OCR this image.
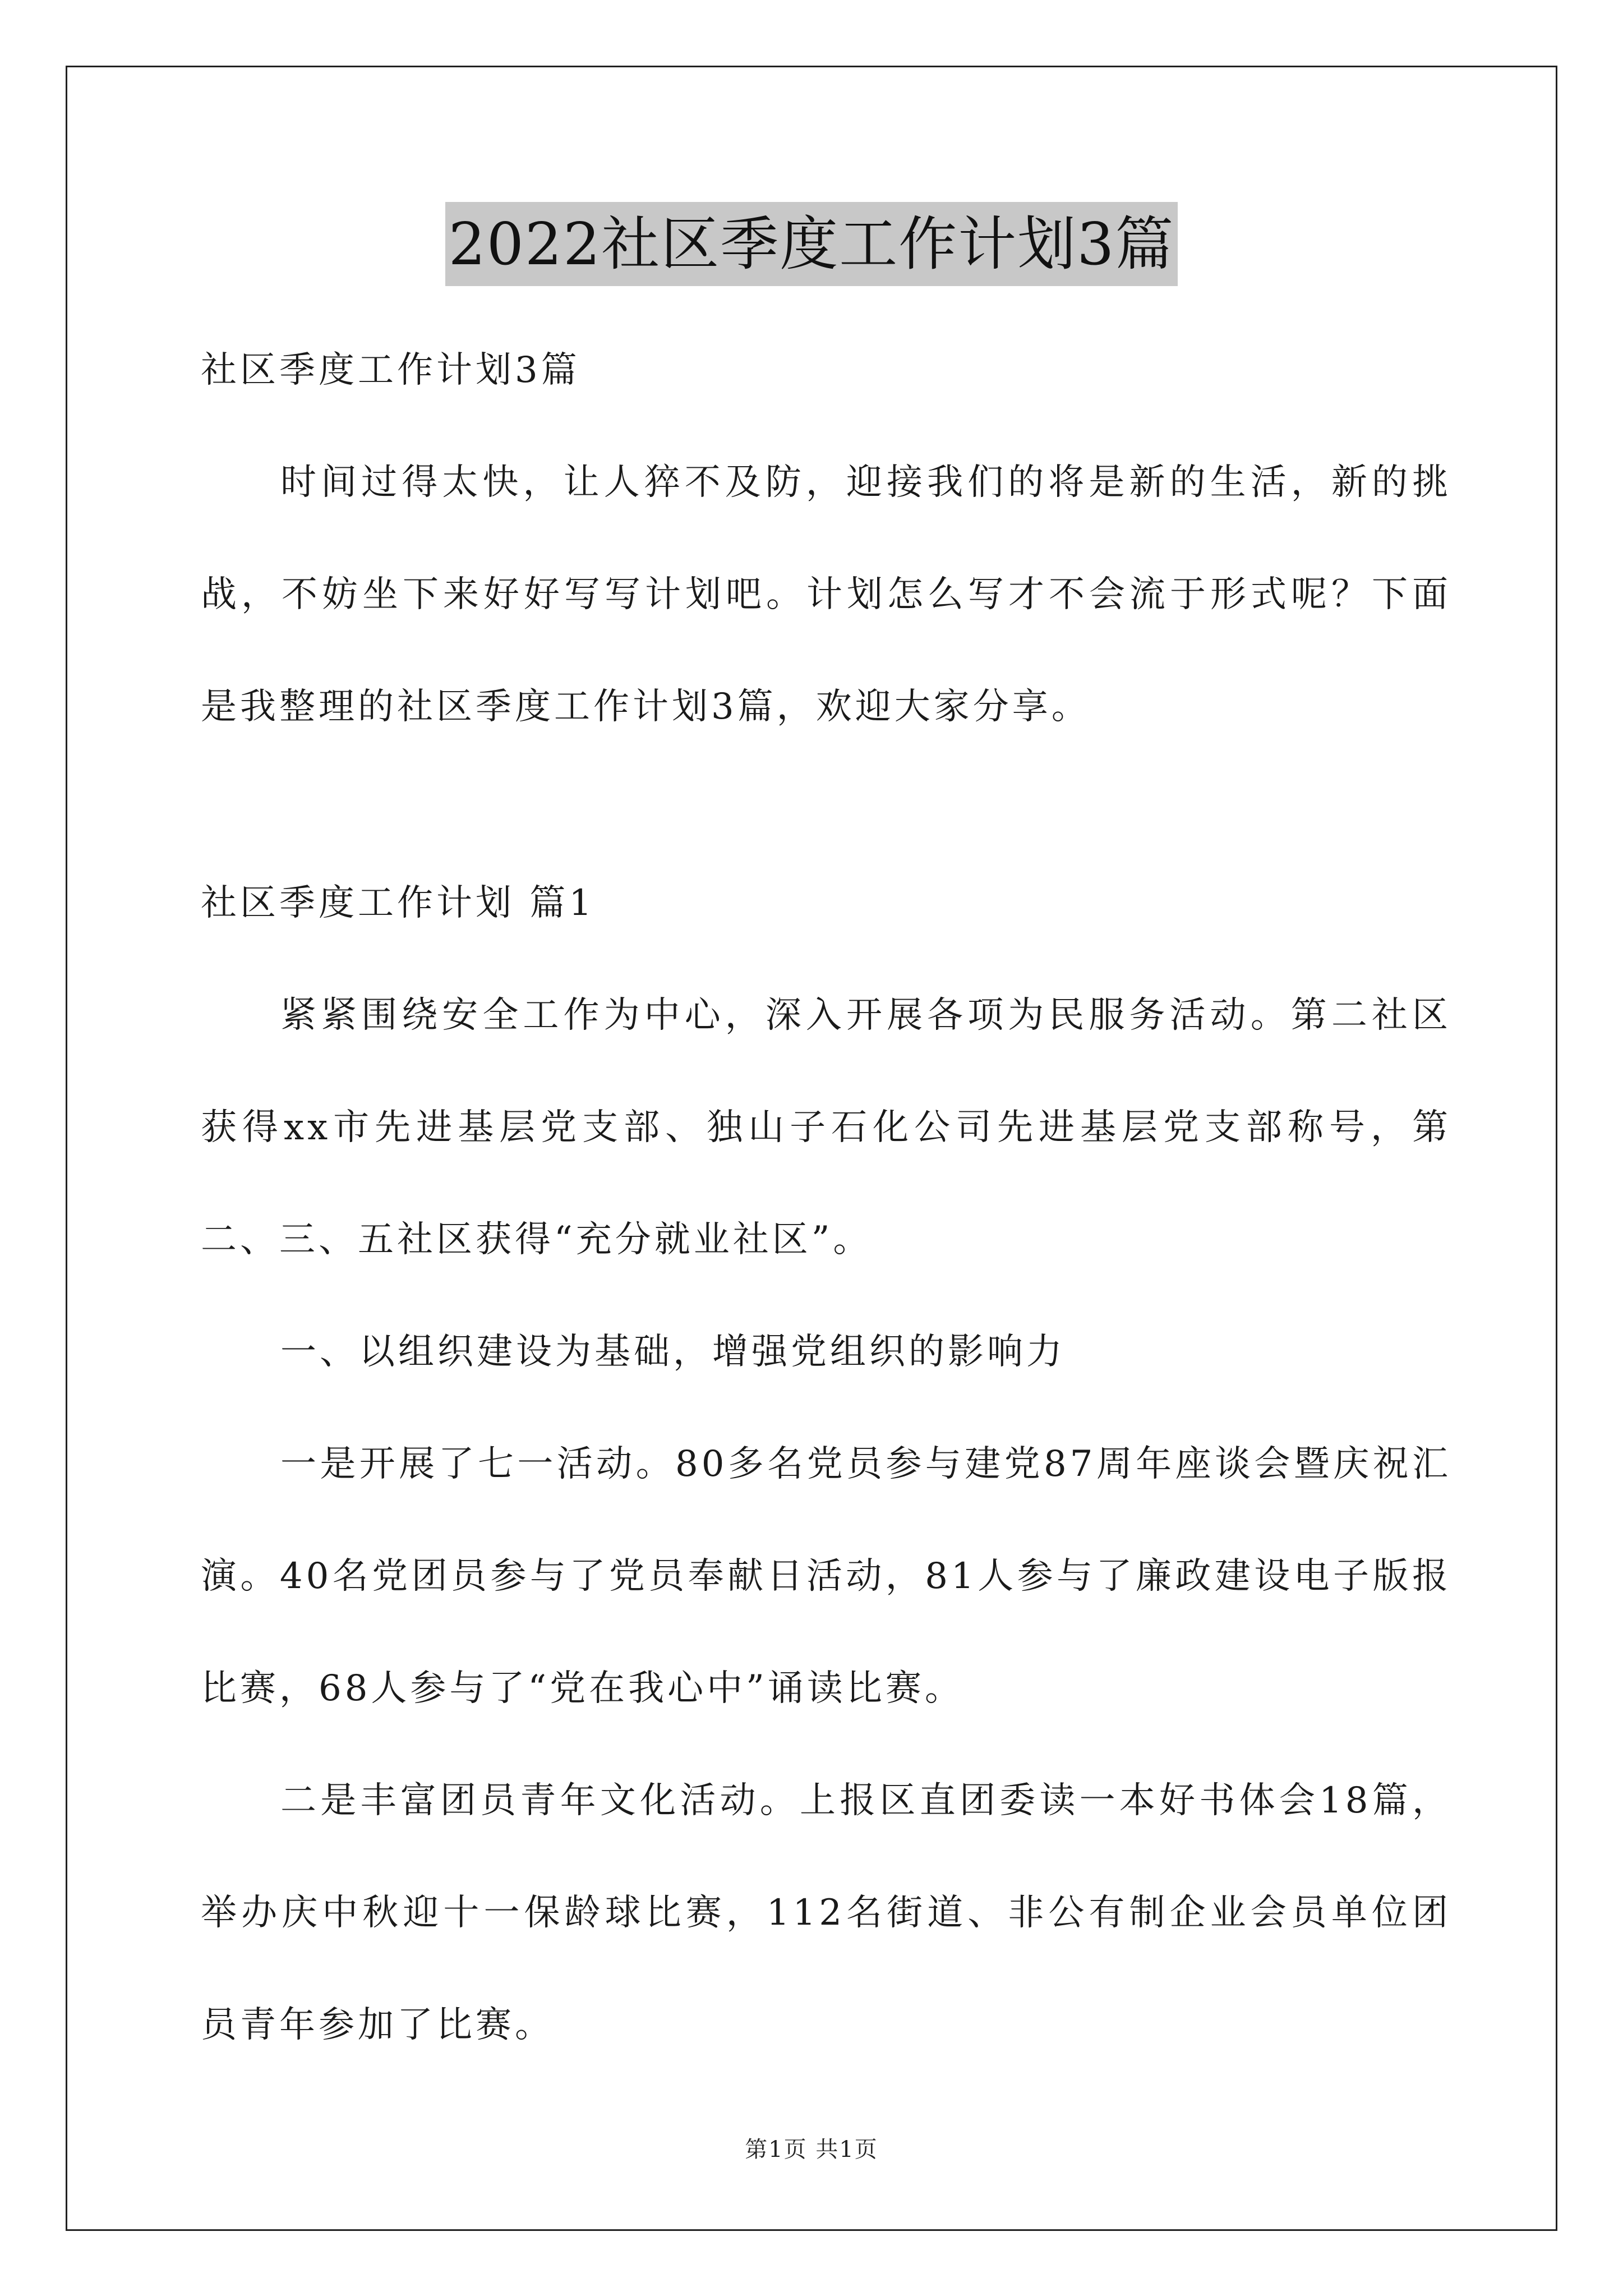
2022社区季度工作计划3篇

社区季度工作计划3篇

时间过得太快，让人猝不及防，迎接我们的将是新的生活，新的挑战，不妨坐下来好好写写计划吧。计划怎么写才不会流于形式呢？下面是我整理的社区季度工作计划3篇，欢迎大家分享。

社区季度工作计划 篇1

紧紧围绕安全工作为中心，深入开展各项为民服务活动。第二社区获得xx市先进基层党支部、独山子石化公司先进基层党支部称号，第二、三、五社区获得“充分就业社区”。

一、以组织建设为基础，增强党组织的影响力

一是开展了七一活动。80多名党员参与建党87周年座谈会暨庆祝汇演。40名党团员参与了党员奉献日活动，81人参与了廉政建设电子版报比赛，68人参与了“党在我心中”诵读比赛。

二是丰富团员青年文化活动。上报区直团委读一本好书体会18篇，举办庆中秋迎十一保龄球比赛，112名街道、非公有制企业会员单位团员青年参加了比赛。

第1页 共1页
